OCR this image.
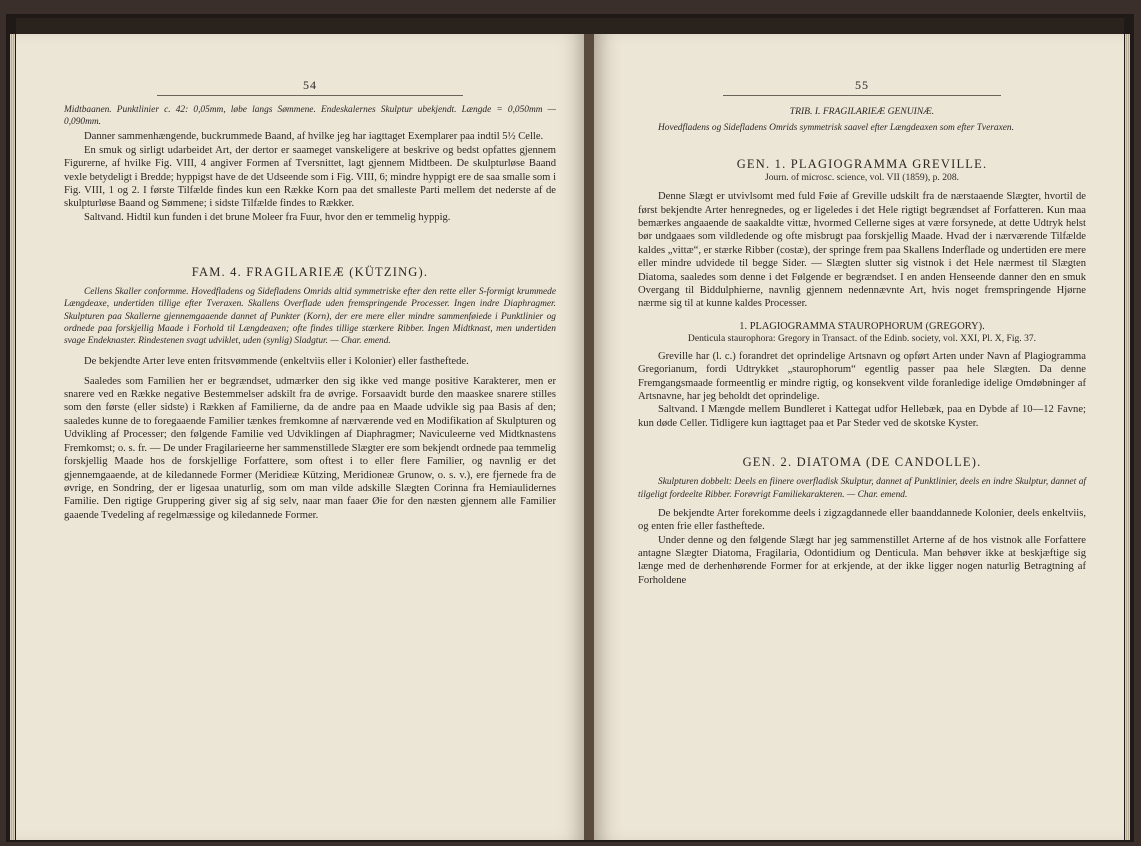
54

Midtbaanen. Punktlinier c. 42: 0,05mm, løbe langs Sømmene. Endeskalernes Skulptur ubekjendt. Længde = 0,050mm — 0,090mm.

Danner sammenhængende, buckrummede Baand, af hvilke jeg har iagttaget Exemplarer paa indtil 5½ Celle.

En smuk og sirligt udarbeidet Art, der dertor er saameget vanskeligere at beskrive og bedst opfattes gjennem Figurerne, af hvilke Fig. VIII, 4 angiver Formen af Tversnittet, lagt gjennem Midtbeen. De skulpturløse Baand vexle betydeligt i Bredde; hyppigst have de det Udseende som i Fig. VIII, 6; mindre hyppigt ere de saa smalle som i Fig. VIII, 1 og 2. I første Tilfælde findes kun een Række Korn paa det smalleste Parti mellem det nederste af de skulpturløse Baand og Sømmene; i sidste Tilfælde findes to Rækker.

Saltvand. Hidtil kun funden i det brune Moleer fra Fuur, hvor den er temmelig hyppig.

FAM. 4. FRAGILARIEÆ (KÜTZING).

Cellens Skaller conformme. Hovedfladens og Sidefladens Omrids altid symmetriske efter den rette eller S-formigt krummede Længdeaxe, undertiden tillige efter Tveraxen. Skallens Overflade uden fremspringende Processer. Ingen indre Diaphragmer. Skulpturen paa Skallerne gjennemgaaende dannet af Punkter (Korn), der ere mere eller mindre sammenføiede i Punktlinier og ordnede paa forskjellig Maade i Forhold til Længdeaxen; ofte findes tillige stærkere Ribber. Ingen Midtknast, men undertiden svage Endeknaster. Rindestenen svagt udviklet, uden (synlig) Sladgtur. — Char. emend.

De bekjendte Arter leve enten fritsvømmende (enkeltviis eller i Kolonier) eller fastheftede.

Saaledes som Familien her er begrændset, udmærker den sig ikke ved mange positive Karakterer, men er snarere ved en Række negative Bestemmelser adskilt fra de øvrige. Forsaavidt burde den maaskee snarere stilles som den første (eller sidste) i Rækken af Familierne, da de andre paa en Maade udvikle sig paa Basis af den; saaledes kunne de to foregaaende Familier tænkes fremkomne af nærværende ved en Modifikation af Skulpturen og Udvikling af Processer; den følgende Familie ved Udviklingen af Diaphragmer; Naviculeerne ved Midtknastens Fremkomst; o. s. fr. — De under Fragilarieerne her sammenstillede Slægter ere som bekjendt ordnede paa temmelig forskjellig Maade hos de forskjellige Forfattere, som oftest i to eller flere Familier, og navnlig er det gjennemgaaende, at de kiledannede Former (Meridieæ Kützing, Meridioneæ Grunow, o. s. v.), ere fjernede fra de øvrige, en Sondring, der er ligesaa unaturlig, som om man vilde adskille Slægten Corinna fra Hemiaulidernes Familie. Den rigtige Gruppering giver sig af sig selv, naar man faaer Øie for den næsten gjennem alle Familier gaaende Tvedeling af regelmæssige og kiledannede Former.

55

TRIB. I. FRAGILARIEÆ GENUINÆ.

Hovedfladens og Sidefladens Omrids symmetrisk saavel efter Længdeaxen som efter Tveraxen.

GEN. 1. PLAGIOGRAMMA GREVILLE.

Journ. of microsc. science, vol. VII (1859), p. 208.

Denne Slægt er utvivlsomt med fuld Føie af Greville udskilt fra de nærstaaende Slægter, hvortil de først bekjendte Arter henregnedes, og er ligeledes i det Hele rigtigt begrændset af Forfatteren. Kun maa bemærkes angaaende de saakaldte vittæ, hvormed Cellerne siges at være forsynede, at dette Udtryk helst bør undgaaes som vildledende og ofte misbrugt paa forskjellig Maade. Hvad der i nærværende Tilfælde kaldes „vittæ“, er stærke Ribber (costæ), der springe frem paa Skallens Inderflade og undertiden ere mere eller mindre udvidede til begge Sider. — Slægten slutter sig vistnok i det Hele nærmest til Slægten Diatoma, saaledes som denne i det Følgende er begrændset. I en anden Henseende danner den en smuk Overgang til Biddulphierne, navnlig gjennem nedennævnte Art, hvis noget fremspringende Hjørne nærme sig til at kunne kaldes Processer.

1. PLAGIOGRAMMA STAUROPHORUM (GREGORY).

Denticula staurophora: Gregory in Transact. of the Edinb. society, vol. XXI, Pl. X, Fig. 37.

Greville har (l. c.) forandret det oprindelige Artsnavn og opført Arten under Navn af Plagiogramma Gregorianum, fordi Udtrykket „staurophorum“ egentlig passer paa hele Slægten. Da denne Fremgangsmaade formeentlig er mindre rigtig, og konsekvent vilde foranledige idelige Omdøbninger af Artsnavne, har jeg beholdt det oprindelige.

Saltvand. I Mængde mellem Bundleret i Kattegat udfor Hellebæk, paa en Dybde af 10—12 Favne; kun døde Celler. Tidligere kun iagttaget paa et Par Steder ved de skotske Kyster.

GEN. 2. DIATOMA (DE CANDOLLE).

Skulpturen dobbelt: Deels en fiinere overfladisk Skulptur, dannet af Punktlinier, deels en indre Skulptur, dannet af tilgeligt fordeelte Ribber. Forøvrigt Familiekarakteren. — Char. emend.

De bekjendte Arter forekomme deels i zigzagdannede eller baanddannede Kolonier, deels enkeltviis, og enten frie eller fastheftede.

Under denne og den følgende Slægt har jeg sammenstillet Arterne af de hos vistnok alle Forfattere antagne Slægter Diatoma, Fragilaria, Odontidium og Denticula. Man behøver ikke at beskjæftige sig længe med de derhenhørende Former for at erkjende, at der ikke ligger nogen naturlig Betragtning af Forholdene
